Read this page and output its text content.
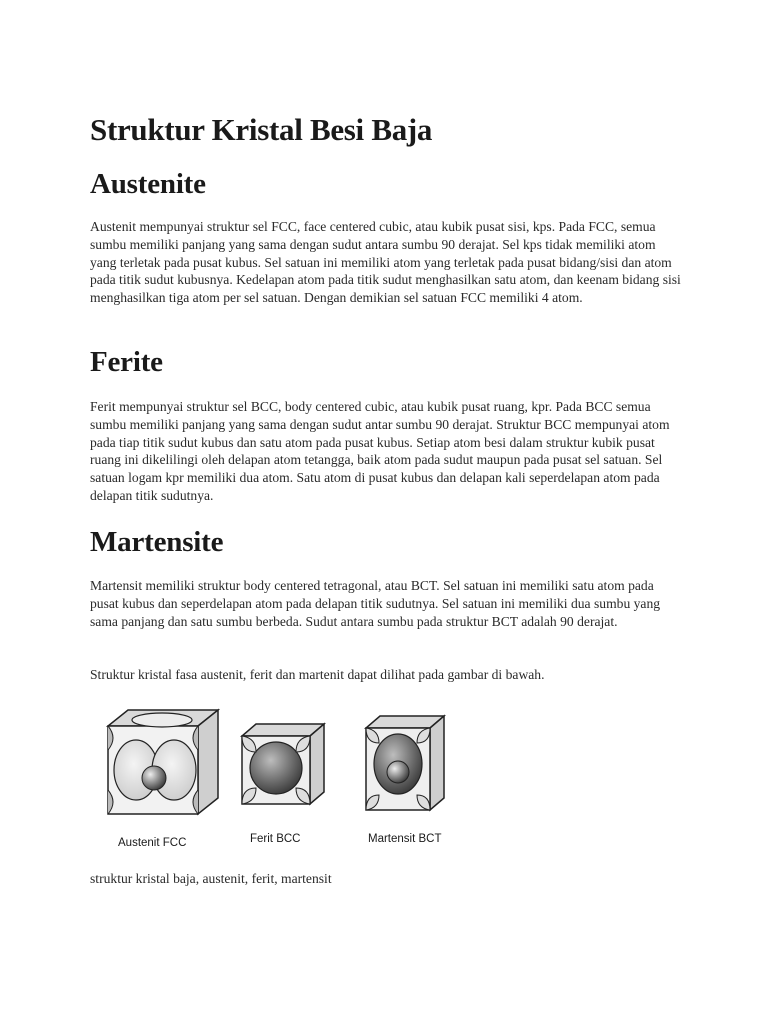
Struktur Kristal Besi Baja
Austenite

Austenit mempunyai struktur sel FCC, face centered cubic, atau kubik pusat sisi, kps. Pada FCC, semua sumbu memiliki panjang yang sama dengan sudut antara sumbu 90 derajat. Sel kps tidak memiliki atom yang terletak pada pusat kubus. Sel satuan ini memiliki atom yang terletak pada pusat bidang/sisi dan atom pada titik sudut kubusnya. Kedelapan atom pada titik sudut menghasilkan satu atom, dan keenam bidang sisi menghasilkan tiga atom per sel satuan. Dengan demikian sel satuan FCC memiliki 4 atom.

Ferite

Ferit mempunyai struktur sel BCC, body centered cubic, atau kubik pusat ruang, kpr. Pada BCC semua sumbu memiliki panjang yang sama dengan sudut antar sumbu 90 derajat. Struktur BCC mempunyai atom pada tiap titik sudut kubus dan satu atom pada pusat kubus. Setiap atom besi dalam struktur kubik pusat ruang ini dikelilingi oleh delapan atom tetangga, baik atom pada sudut maupun pada pusat sel satuan. Sel satuan logam kpr memiliki dua atom. Satu atom di pusat kubus dan delapan kali seperdelapan atom pada delapan titik sudutnya.

Martensite

Martensit memiliki struktur body centered tetragonal, atau BCT. Sel satuan ini memiliki satu atom pada pusat kubus dan seperdelapan atom pada delapan titik sudutnya. Sel satuan ini memiliki dua sumbu yang sama panjang dan satu sumbu berbeda. Sudut antara sumbu pada struktur BCT adalah 90 derajat.

Struktur kristal fasa austenit, ferit dan martenit dapat dilihat pada gambar di bawah.

Austenit FCC	Ferit BCC	Martensit BCT

struktur kristal baja, austenit, ferit, martensit
